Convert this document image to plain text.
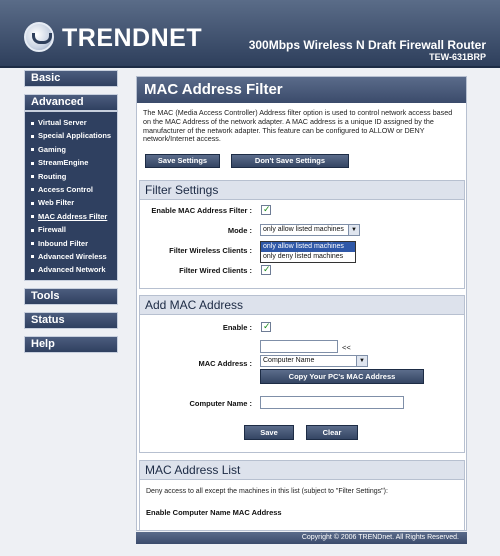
TRENDNET	300Mbps Wireless N Draft Firewall Router
TEW-631BRP
Basic
Advanced
Virtual Server
Special Applications
Gaming
StreamEngine
Routing
Access Control
Web Filter
MAC Address Filter
Firewall
Inbound Filter
Advanced Wireless
Advanced Network
Tools
Status
Help
MAC Address Filter
The MAC (Media Access Controller) Address filter option is used to control network access based on the MAC Address of the network adapter. A MAC address is a unique ID assigned by the manufacturer of the network adapter. This feature can be configured to ALLOW or DENY network/Internet access.
Save Settings	Don't Save Settings
Filter Settings
Enable MAC Address Filter :
✓
Mode :	only allow listed machines	▼
Filter Wireless Clients :
Filter Wired Clients :
✓
only allow listed machines
only deny listed machines
Add MAC Address
Enable :
✓
MAC Address :
<<
Computer Name	▼
Copy Your PC's MAC Address
Computer Name :
Save	Clear
MAC Address List
Deny access to all except the machines in this list (subject to "Filter Settings"):
Enable Computer Name MAC Address
Copyright © 2006 TRENDnet. All Rights Reserved.
